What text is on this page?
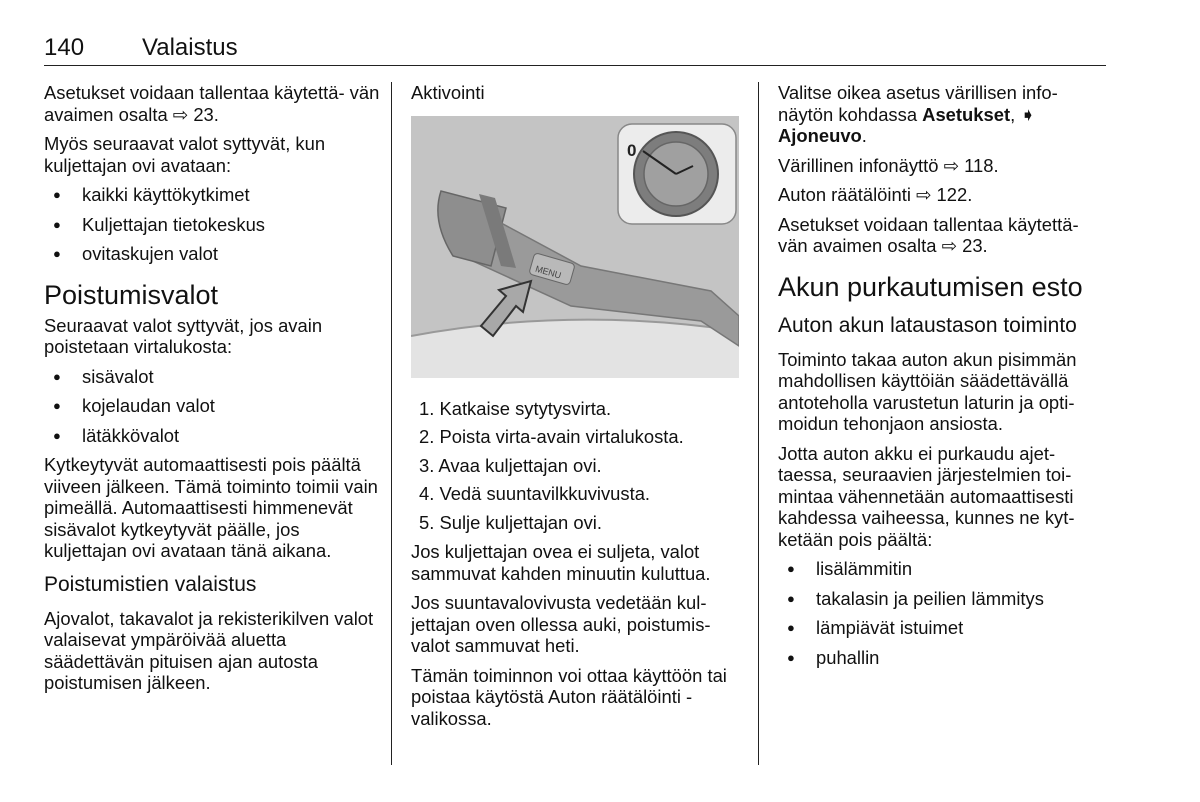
140 Valaistus

Asetukset voidaan tallentaa käytettä‐ vän avaimen osalta ⇨ 23.

Myös seuraavat valot syttyvät, kun kuljettajan ovi avataan:

● kaikki käyttökytkimet
● Kuljettajan tietokeskus
● ovitaskujen valot
Poistumisvalot

Seuraavat valot syttyvät, jos avain poistetaan virtalukosta:

● sisävalot
● kojelaudan valot
● lätäkkövalot

Kytkeytyvät automaattisesti pois päältä viiveen jälkeen. Tämä toiminto toimii vain pimeällä. Automaattisesti himmenevät sisävalot kytkeytyvät päälle, jos kuljettajan ovi avataan tänä aikana.

Poistumistien valaistus

Ajovalot, takavalot ja rekisterikilven valot valaisevat ympäröivää aluetta säädettävän pituisen ajan autosta poistumisen jälkeen.

Aktivointi
MENU
0
1. Katkaise sytytysvirta.
2. Poista virta-avain virtalukosta.
3. Avaa kuljettajan ovi.
4. Vedä suuntavilkkuvivusta.
5. Sulje kuljettajan ovi.

Jos kuljettajan ovea ei suljeta, valot sammuvat kahden minuutin kuluttua.

Jos suuntavalovivusta vedetään kul‐ jettajan oven ollessa auki, poistumis‐ valot sammuvat heti.

Tämän toiminnon voi ottaa käyttöön tai poistaa käytöstä Auton räätälöinti -valikossa.

Valitse oikea asetus värillisen info‐ näytön kohdassa Asetukset, ➧ Ajoneuvo.

Värillinen infonäyttö ⇨ 118.

Auton räätälöinti ⇨ 122.

Asetukset voidaan tallentaa käytettä‐ vän avaimen osalta ⇨ 23.

Akun purkautumisen esto
Auton akun lataustason toiminto

Toiminto takaa auton akun pisimmän mahdollisen käyttöiän säädettävällä antoteholla varustetun laturin ja opti‐ moidun tehonjaon ansiosta.

Jotta auton akku ei purkaudu ajet‐ taessa, seuraavien järjestelmien toi‐ mintaa vähennetään automaattisesti kahdessa vaiheessa, kunnes ne kyt‐ ketään pois päältä:

● lisälämmitin
● takalasin ja peilien lämmitys
● lämpiävät istuimet
● puhallin
